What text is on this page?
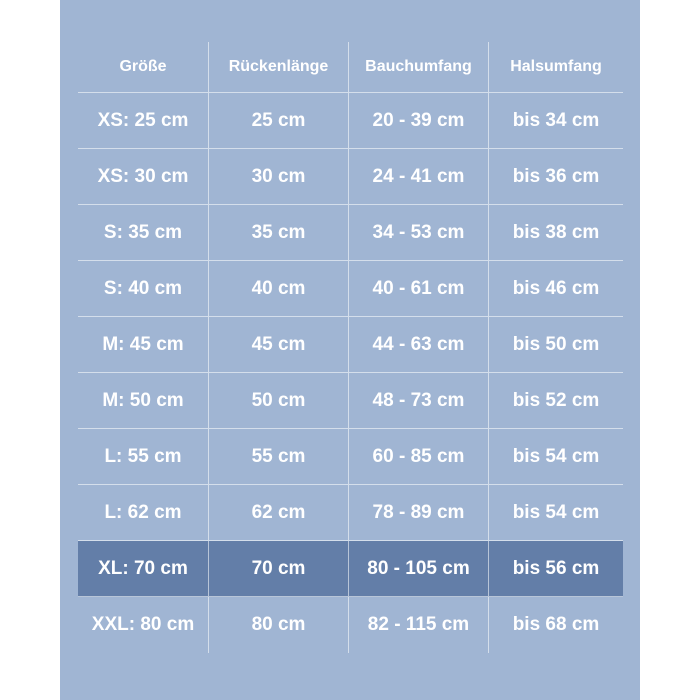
Größe	Rückenlänge	Bauchumfang	Halsumfang
XS: 25 cm	25 cm	20 - 39 cm	bis 34 cm
XS: 30 cm	30 cm	24 - 41 cm	bis 36 cm
S: 35 cm	35 cm	34 - 53 cm	bis 38 cm
S: 40 cm	40 cm	40 - 61 cm	bis 46 cm
M: 45 cm	45 cm	44 - 63 cm	bis 50 cm
M: 50 cm	50 cm	48 - 73 cm	bis 52 cm
L: 55 cm	55 cm	60 - 85 cm	bis 54 cm
L: 62 cm	62 cm	78 - 89 cm	bis 54 cm
XL: 70 cm	70 cm	80 - 105 cm	bis 56 cm
XXL: 80 cm	80 cm	82 - 115 cm	bis 68 cm
